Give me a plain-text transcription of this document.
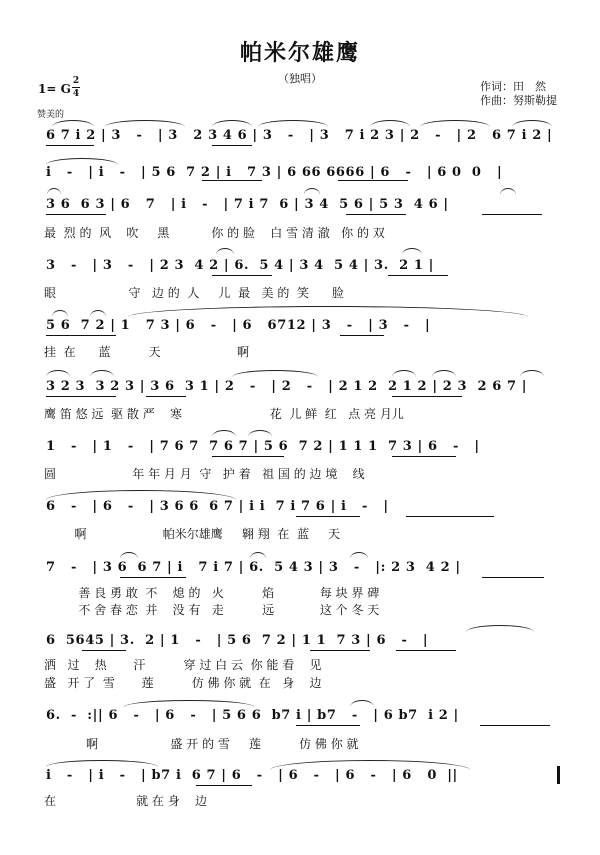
帕米尔雄鹰
（独唱）
1= G
2
4
赞美的
作词：田　然
作曲：努斯勒提
6 7 i 2 | 3   -   | 3   2 3 4 6 | 3   -   | 3   7 i 2 3 | 2   -   | 2   6 7 i 2 |
i   -   | i   -   | 5 6  7 2 | i   7 3 | 6 66 6666 | 6   -   | 6 0  0   |
3 6  6 3 | 6   7   | i   -   | 7 i 7  6 | 3 4  5 6 | 5 3  4 6 |
最  烈 的  风    吹     黑           你 的 脸    白 雪 清 澈   你 的 双
3   -   | 3   -   | 2 3  4 2 | 6.  5 4 | 3 4  5 4 | 3.  2 1 |
眼                   守   边 的  人     儿  最   美 的  笑      脸
5 6  7 2 | 1   7 3 | 6   -   | 6   6712 | 3   -   | 3   -   |
挂  在      蓝          天                    啊
3 2 3  3 2 3 | 3 6  3 1 | 2   -   | 2   -   | 2 1 2  2 1 2 | 2 3  2 6 7 |
鹰 笛 悠 远  驱 散 严    寒                       花  儿 鲜  红   点 亮 月儿
1   -   | 1   -   | 7 6 7  7 6 7 | 5 6  7 2 | 1 1 1  7 3 | 6   -   |
圆                    年 年 月 月  守   护 着   祖 国 的 边 境    线
6   -   | 6   -   | 3 6 6  6 7 | i i  7 i 7 6 | i   -   |
啊                    帕米尔雄鹰     翱 翔  在  蓝     天
7   -   | 3 6  6 7 | i   7 i 7 | 6.  5 4 3 | 3   -   |: 2 3  4 2 |
善 良 勇 敢  不    熄 的   火          焰            每 块 界 碑
不 舍 春 恋  并    没 有   走          远            这 个 冬 天
6  5645 | 3.  2 | 1   -   | 5 6  7 2 | 1 1  7 3 | 6   -   |
洒   过    热       汗          穿 过 白 云  你 能 看    见
盛   开 了  雪       莲          仿 佛 你 就  在   身    边
6.  -  :|| 6   -   | 6   -   | 5 6 6  b7 i | b7   -   | 6 b7  i 2 |
啊                   盛 开 的 雪     莲          仿 佛 你 就
i   -   | i   -   | b7 i  6 7 | 6   -   | 6   -   | 6   -   | 6   0  ||
在                     就 在 身    边
